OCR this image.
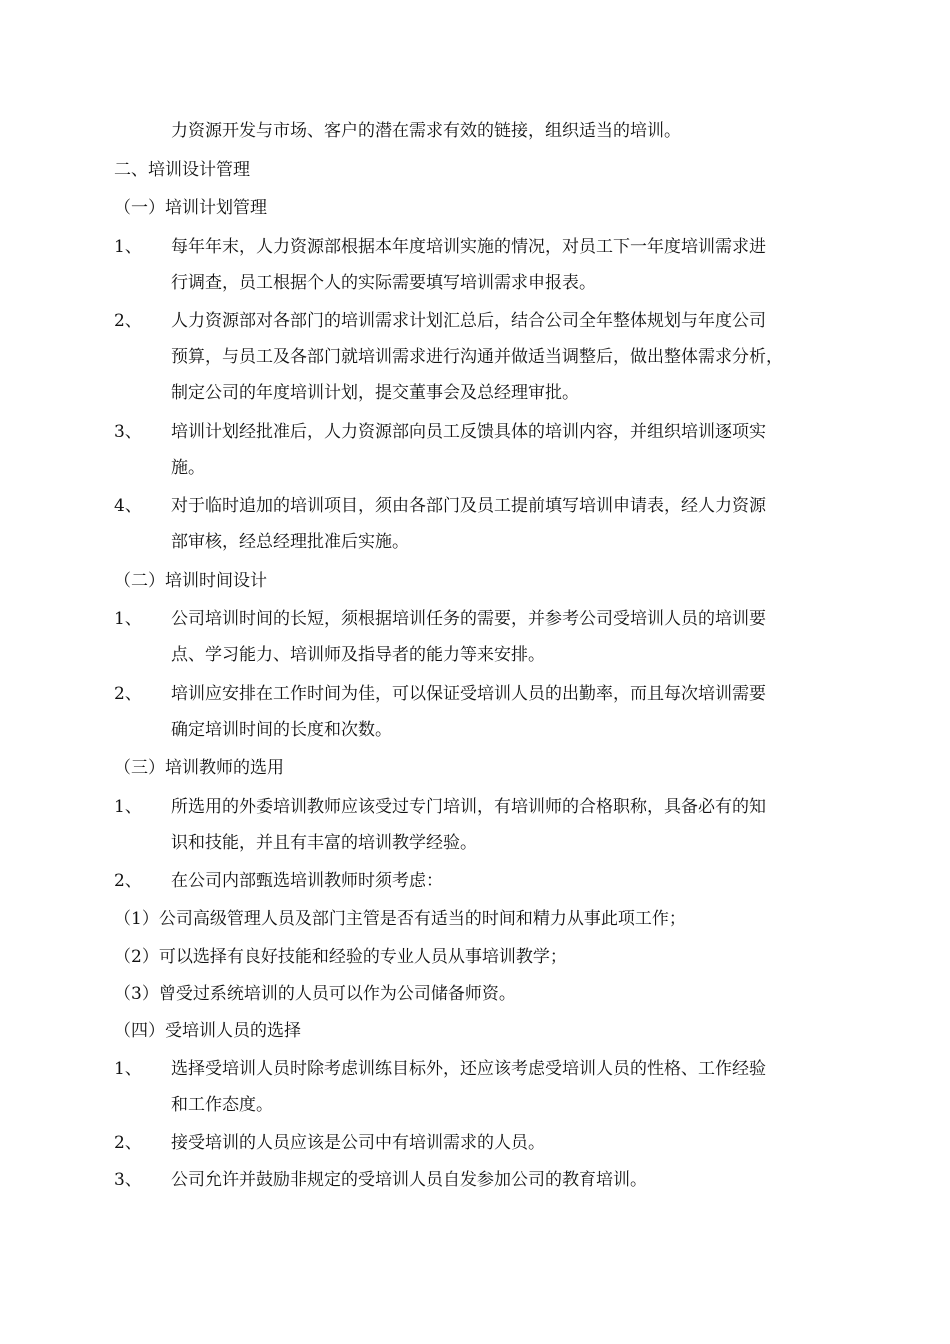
力资源开发与市场、客户的潜在需求有效的链接，组织适当的培训。
二、培训设计管理
（一）培训计划管理
1、 每年年末，人力资源部根据本年度培训实施的情况，对员工下一年度培训需求进
行调查，员工根据个人的实际需要填写培训需求申报表。
2、 人力资源部对各部门的培训需求计划汇总后，结合公司全年整体规划与年度公司
预算，与员工及各部门就培训需求进行沟通并做适当调整后，做出整体需求分析，
制定公司的年度培训计划，提交董事会及总经理审批。
3、 培训计划经批准后，人力资源部向员工反馈具体的培训内容，并组织培训逐项实
施。
4、 对于临时追加的培训项目，须由各部门及员工提前填写培训申请表，经人力资源
部审核，经总经理批准后实施。
（二）培训时间设计
1、 公司培训时间的长短，须根据培训任务的需要，并参考公司受培训人员的培训要
点、学习能力、培训师及指导者的能力等来安排。
2、 培训应安排在工作时间为佳，可以保证受培训人员的出勤率，而且每次培训需要
确定培训时间的长度和次数。
（三）培训教师的选用
1、 所选用的外委培训教师应该受过专门培训，有培训师的合格职称，具备必有的知
识和技能，并且有丰富的培训教学经验。
2、 在公司内部甄选培训教师时须考虑：
（1）公司高级管理人员及部门主管是否有适当的时间和精力从事此项工作；
（2）可以选择有良好技能和经验的专业人员从事培训教学；
（3）曾受过系统培训的人员可以作为公司储备师资。
（四）受培训人员的选择
1、 选择受培训人员时除考虑训练目标外，还应该考虑受培训人员的性格、工作经验
和工作态度。
2、 接受培训的人员应该是公司中有培训需求的人员。
3、 公司允许并鼓励非规定的受培训人员自发参加公司的教育培训。
